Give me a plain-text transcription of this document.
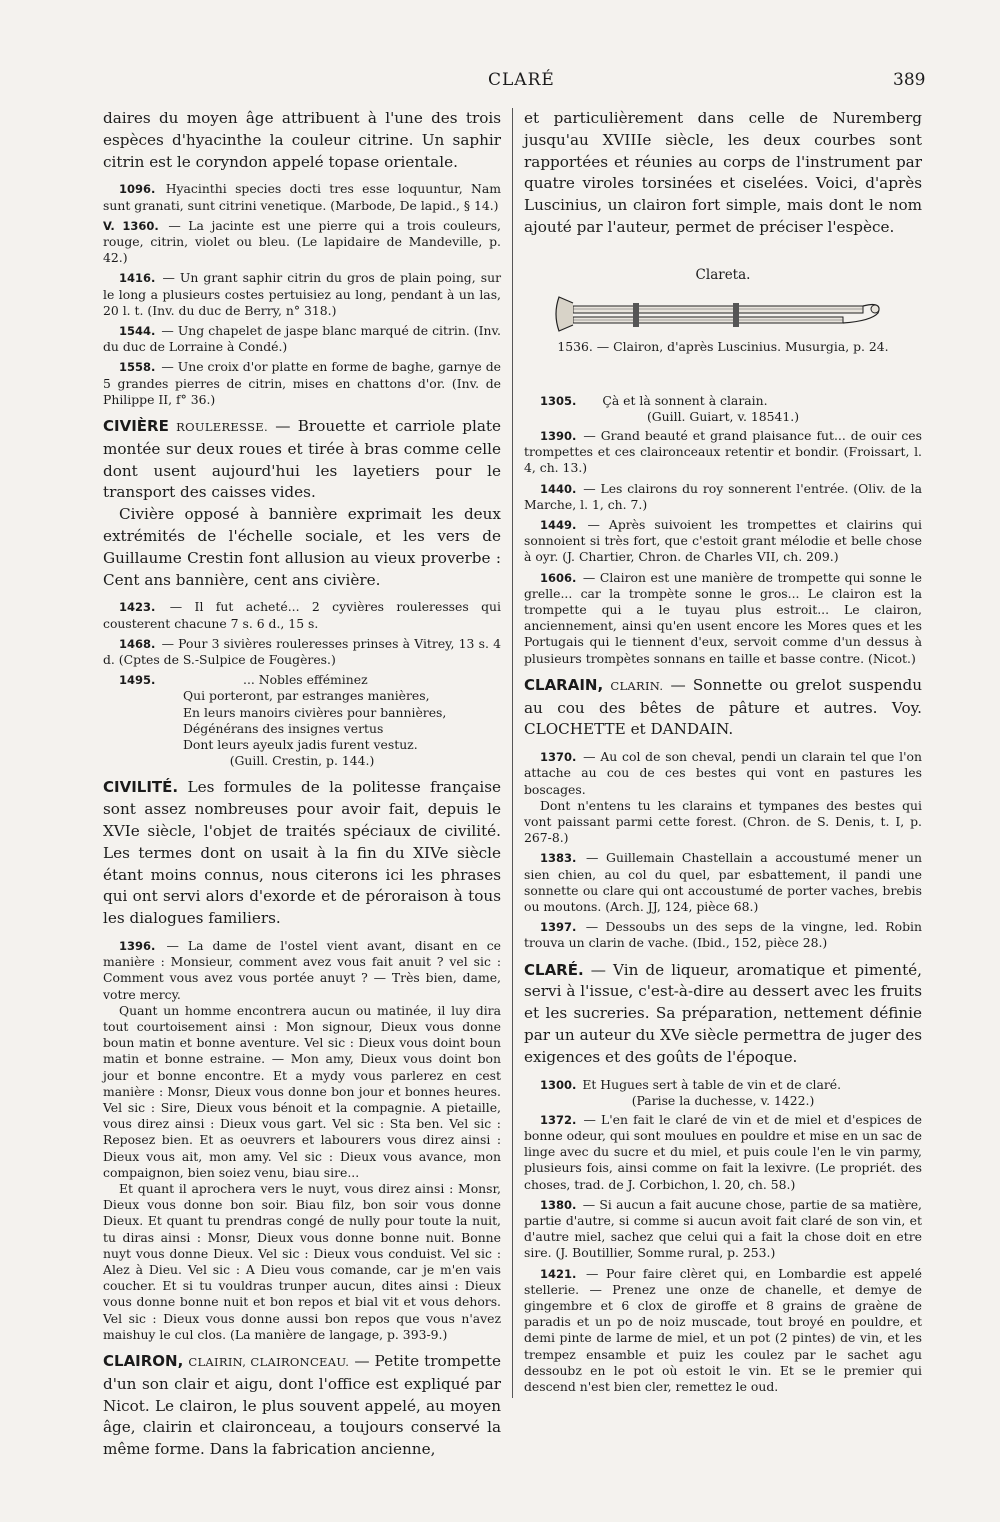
CLARÉ	389

daires du moyen âge attribuent à l'une des trois espèces d'hyacinthe la couleur citrine. Un saphir citrin est le coryndon appelé topase orientale.

1096. Hyacinthi species docti tres esse loquuntur, Nam sunt granati, sunt citrini venetique. (Marbode, De lapid., § 14.)

V. 1360. — La jacinte est une pierre qui a trois couleurs, rouge, citrin, violet ou bleu. (Le lapidaire de Mandeville, p. 42.)

1416. — Un grant saphir citrin du gros de plain poing, sur le long a plusieurs costes pertuisiez au long, pendant à un las, 20 l. t. (Inv. du duc de Berry, n° 318.)

1544. — Ung chapelet de jaspe blanc marqué de citrin. (Inv. du duc de Lorraine à Condé.)

1558. — Une croix d'or platte en forme de baghe, garnye de 5 grandes pierres de citrin, mises en chattons d'or. (Inv. de Philippe II, f° 36.)

CIVIÈRE ROULERESSE. — Brouette et carriole plate montée sur deux roues et tirée à bras comme celle dont usent aujourd'hui les layetiers pour le transport des caisses vides.

Civière opposé à bannière exprimait les deux extrémités de l'échelle sociale, et les vers de Guillaume Crestin font allusion au vieux proverbe : Cent ans bannière, cent ans civière.

1423. — Il fut acheté... 2 cyvières rouleresses qui cousterent chacune 7 s. 6 d., 15 s.

1468. — Pour 3 sivières rouleresses prinses à Vitrey, 13 s. 4 d. (Cptes de S.-Sulpice de Fougères.)

1495.	... Nobles efféminez
Qui porteront, par estranges manières,
En leurs manoirs civières pour bannières,
Dégénérans des insignes vertus
Dont leurs ayeulx jadis furent vestuz.
(Guill. Crestin, p. 144.)

CIVILITÉ. Les formules de la politesse française sont assez nombreuses pour avoir fait, depuis le XVIe siècle, l'objet de traités spéciaux de civilité. Les termes dont on usait à la fin du XIVe siècle étant moins connus, nous citerons ici les phrases qui ont servi alors d'exorde et de péroraison à tous les dialogues familiers.

1396. — La dame de l'ostel vient avant, disant en ce manière : Monsieur, comment avez vous fait anuit ? vel sic : Comment vous avez vous portée anuyt ? — Très bien, dame, votre mercy.

Quant un homme encontrera aucun ou matinée, il luy dira tout courtoisement ainsi : Mon signour, Dieux vous donne boun matin et bonne aventure. Vel sic : Dieux vous doint boun matin et bonne estraine. — Mon amy, Dieux vous doint bon jour et bonne encontre. Et a mydy vous parlerez en cest manière : Monsr, Dieux vous donne bon jour et bonnes heures. Vel sic : Sire, Dieux vous bénoit et la compagnie. A pietaille, vous direz ainsi : Dieux vous gart. Vel sic : Sta ben. Vel sic : Reposez bien. Et as oeuvrers et labourers vous direz ainsi : Dieux vous ait, mon amy. Vel sic : Dieux vous avance, mon compaignon, bien soiez venu, biau sire...

Et quant il aprochera vers le nuyt, vous direz ainsi : Monsr, Dieux vous donne bon soir. Biau filz, bon soir vous donne Dieux. Et quant tu prendras congé de nully pour toute la nuit, tu diras ainsi : Monsr, Dieux vous donne bonne nuit. Bonne nuyt vous donne Dieux. Vel sic : Dieux vous conduist. Vel sic : Alez à Dieu. Vel sic : A Dieu vous comande, car je m'en vais coucher. Et si tu vouldras trunper aucun, dites ainsi : Dieux vous donne bonne nuit et bon repos et bial vit et vous dehors. Vel sic : Dieux vous donne aussi bon repos que vous n'avez maishuy le cul clos. (La manière de langage, p. 393-9.)

CLAIRON, CLAIRIN, CLAIRONCEAU. — Petite trompette d'un son clair et aigu, dont l'office est expliqué par Nicot. Le clairon, le plus souvent appelé, au moyen âge, clairin et claironceau, a toujours conservé la même forme. Dans la fabrication ancienne,

et particulièrement dans celle de Nuremberg jusqu'au XVIIIe siècle, les deux courbes sont rapportées et réunies au corps de l'instrument par quatre viroles torsinées et ciselées. Voici, d'après Luscinius, un clairon fort simple, mais dont le nom ajouté par l'auteur, permet de préciser l'espèce.

Clareta.
1536. — Clairon, d'après Luscinius. Musurgia, p. 24.

1305. Çà et là sonnent à clarain.

(Guill. Guiart, v. 18541.)

1390. — Grand beauté et grand plaisance fut... de ouir ces trompettes et ces claironceaux retentir et bondir. (Froissart, l. 4, ch. 13.)

1440. — Les clairons du roy sonnerent l'entrée. (Oliv. de la Marche, l. 1, ch. 7.)

1449. — Après suivoient les trompettes et clairins qui sonnoient si très fort, que c'estoit grant mélodie et belle chose à oyr. (J. Chartier, Chron. de Charles VII, ch. 209.)

1606. — Clairon est une manière de trompette qui sonne le grelle... car la trompète sonne le gros... Le clairon est la trompette qui a le tuyau plus estroit... Le clairon, anciennement, ainsi qu'en usent encore les Mores ques et les Portugais qui le tiennent d'eux, servoit comme d'un dessus à plusieurs trompètes sonnans en taille et basse contre. (Nicot.)

CLARAIN, CLARIN. — Sonnette ou grelot suspendu au cou des bêtes de pâture et autres. Voy. CLOCHETTE et DANDAIN.

1370. — Au col de son cheval, pendi un clarain tel que l'on attache au cou de ces bestes qui vont en pastures les boscages.

Dont n'entens tu les clarains et tympanes des bestes qui vont paissant parmi cette forest. (Chron. de S. Denis, t. I, p. 267-8.)

1383. — Guillemain Chastellain a accoustumé mener un sien chien, au col du quel, par esbattement, il pandi une sonnette ou clare qui ont accoustumé de porter vaches, brebis ou moutons. (Arch. JJ, 124, pièce 68.)

1397. — Dessoubs un des seps de la vingne, led. Robin trouva un clarin de vache. (Ibid., 152, pièce 28.)

CLARÉ. — Vin de liqueur, aromatique et pimenté, servi à l'issue, c'est-à-dire au dessert avec les fruits et les sucreries. Sa préparation, nettement définie par un auteur du XVe siècle permettra de juger des exigences et des goûts de l'époque.

1300. Et Hugues sert à table de vin et de claré.

(Parise la duchesse, v. 1422.)

1372. — L'en fait le claré de vin et de miel et d'espices de bonne odeur, qui sont moulues en pouldre et mise en un sac de linge avec du sucre et du miel, et puis coule l'en le vin parmy, plusieurs fois, ainsi comme on fait la lexivre. (Le propriét. des choses, trad. de J. Corbichon, l. 20, ch. 58.)

1380. — Si aucun a fait aucune chose, partie de sa matière, partie d'autre, si comme si aucun avoit fait claré de son vin, et d'autre miel, sachez que celui qui a fait la chose doit en etre sire. (J. Boutillier, Somme rural, p. 253.)

1421. — Pour faire clèret qui, en Lombardie est appelé stellerie. — Prenez une onze de chanelle, et demye de gingembre et 6 clox de giroffe et 8 grains de graène de paradis et un po de noiz muscade, tout broyé en pouldre, et demi pinte de larme de miel, et un pot (2 pintes) de vin, et les trempez ensamble et puiz les coulez par le sachet agu dessoubz en le pot où estoit le vin. Et se le premier qui descend n'est bien cler, remettez le oud.
